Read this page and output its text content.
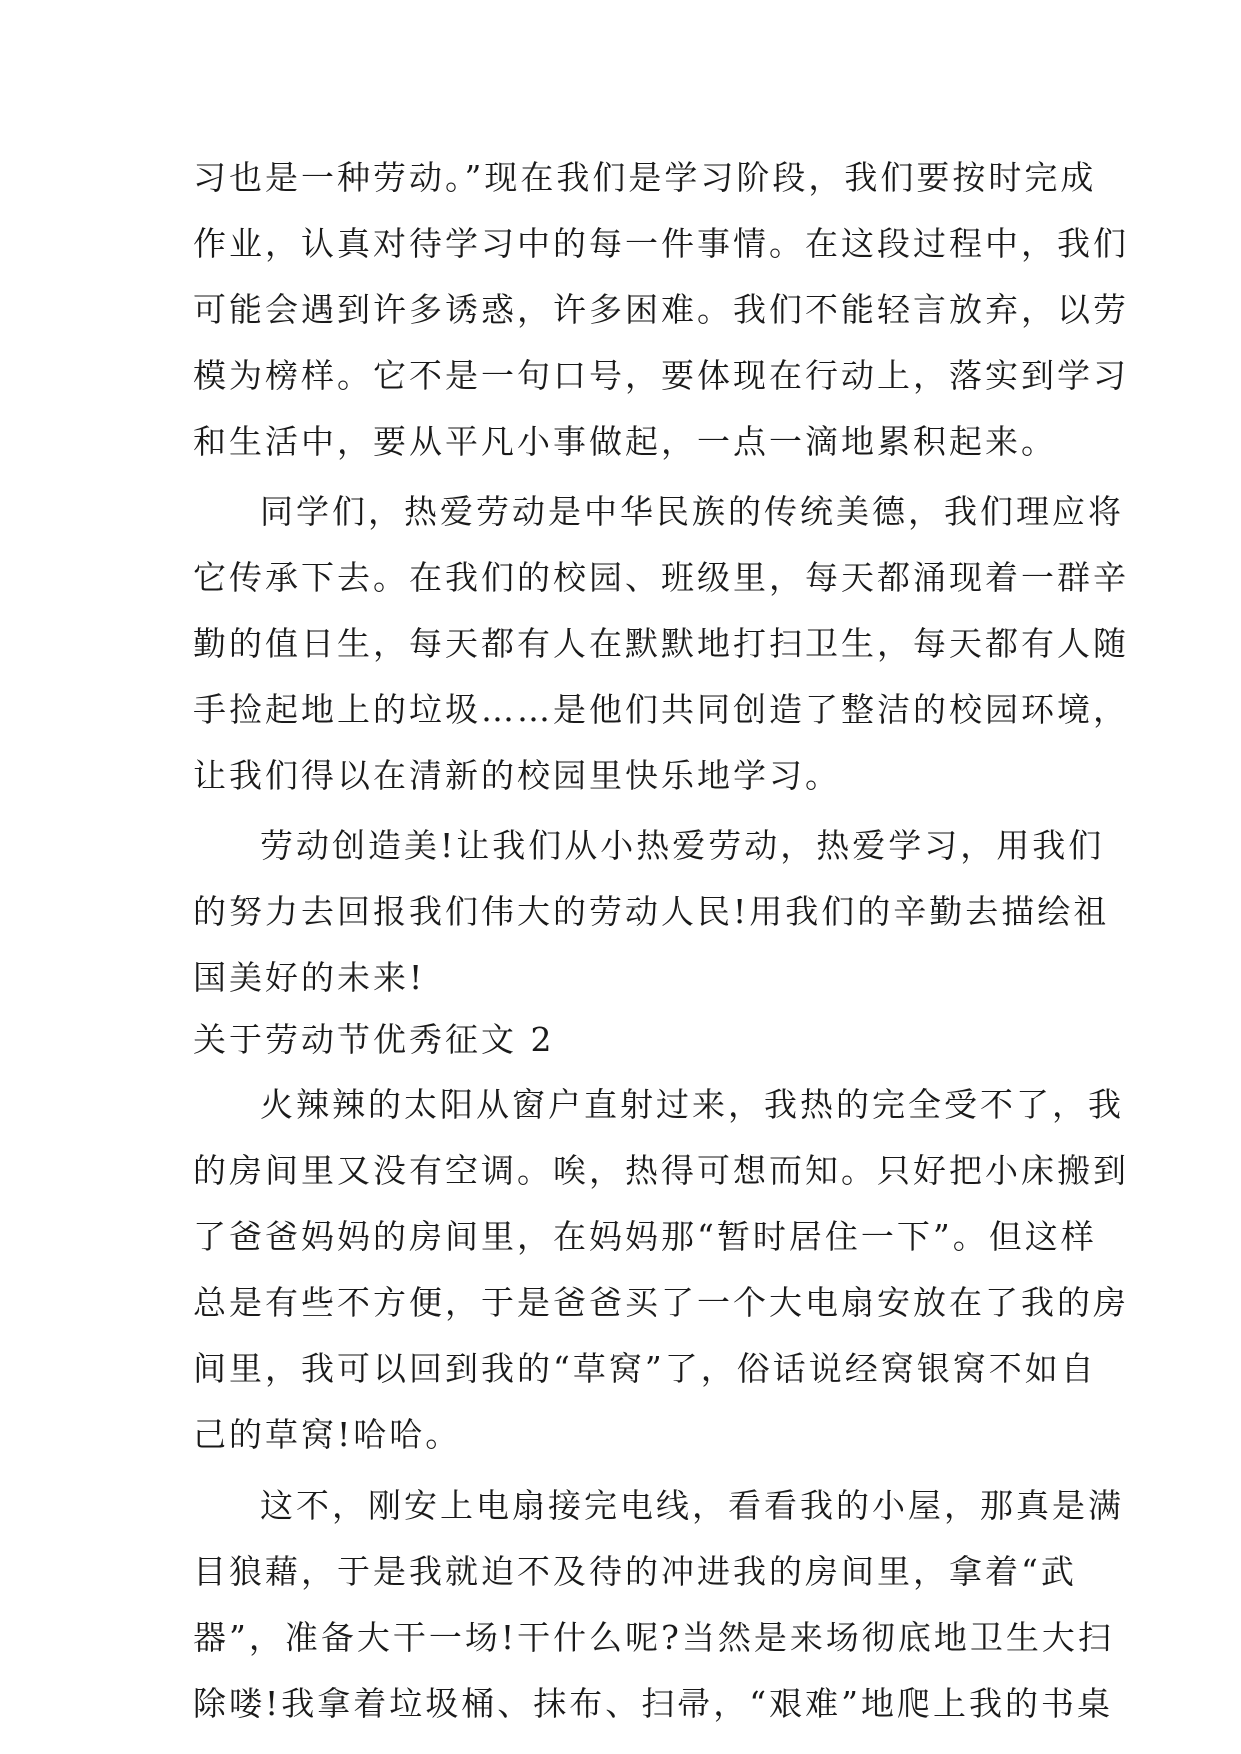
习也是一种劳动。”现在我们是学习阶段，我们要按时完成
作业，认真对待学习中的每一件事情。在这段过程中，我们
可能会遇到许多诱惑，许多困难。我们不能轻言放弃，以劳
模为榜样。它不是一句口号，要体现在行动上，落实到学习
和生活中，要从平凡小事做起，一点一滴地累积起来。
同学们，热爱劳动是中华民族的传统美德，我们理应将
它传承下去。在我们的校园、班级里，每天都涌现着一群辛
勤的值日生，每天都有人在默默地打扫卫生，每天都有人随
手捡起地上的垃圾……是他们共同创造了整洁的校园环境，
让我们得以在清新的校园里快乐地学习。
劳动创造美!让我们从小热爱劳动，热爱学习，用我们
的努力去回报我们伟大的劳动人民!用我们的辛勤去描绘祖
国美好的未来!
关于劳动节优秀征文 2
火辣辣的太阳从窗户直射过来，我热的完全受不了，我
的房间里又没有空调。唉，热得可想而知。只好把小床搬到
了爸爸妈妈的房间里，在妈妈那“暂时居住一下”。但这样
总是有些不方便，于是爸爸买了一个大电扇安放在了我的房
间里，我可以回到我的“草窝”了，俗话说经窝银窝不如自
己的草窝!哈哈。
这不，刚安上电扇接完电线，看看我的小屋，那真是满
目狼藉，于是我就迫不及待的冲进我的房间里，拿着“武
器”，准备大干一场!干什么呢?当然是来场彻底地卫生大扫
除喽!我拿着垃圾桶、抹布、扫帚，“艰难”地爬上我的书桌
